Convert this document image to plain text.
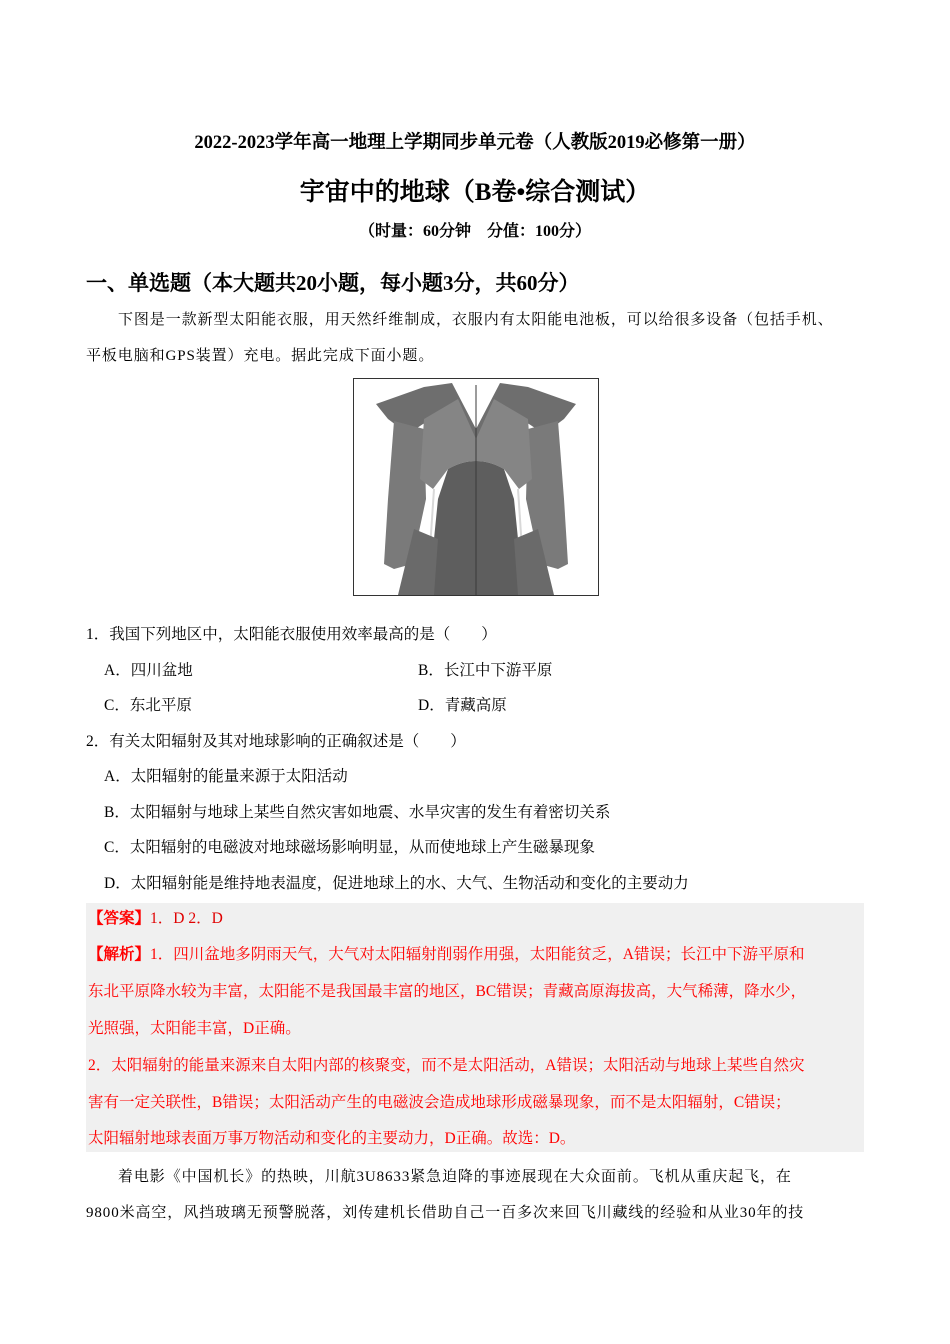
2022-2023学年高一地理上学期同步单元卷（人教版2019必修第一册）
宇宙中的地球（B卷•综合测试）
（时量：60分钟　分值：100分）
一、单选题（本大题共20小题，每小题3分，共60分）
下图是一款新型太阳能衣服，用天然纤维制成，衣服内有太阳能电池板，可以给很多设备（包括手机、
平板电脑和GPS装置）充电。据此完成下面小题。
1．我国下列地区中，太阳能衣服使用效率最高的是（　　）
A．四川盆地	B．长江中下游平原
C．东北平原	D．青藏高原
2．有关太阳辐射及其对地球影响的正确叙述是（　　）
A．太阳辐射的能量来源于太阳活动
B．太阳辐射与地球上某些自然灾害如地震、水旱灾害的发生有着密切关系
C．太阳辐射的电磁波对地球磁场影响明显，从而使地球上产生磁暴现象
D．太阳辐射能是维持地表温度，促进地球上的水、大气、生物活动和变化的主要动力
【答案】1．D 2．D
【解析】1．四川盆地多阴雨天气，大气对太阳辐射削弱作用强，太阳能贫乏，A错误；长江中下游平原和
东北平原降水较为丰富，太阳能不是我国最丰富的地区，BC错误；青藏高原海拔高，大气稀薄，降水少，
光照强，太阳能丰富，D正确。
2．太阳辐射的能量来源来自太阳内部的核聚变，而不是太阳活动，A错误；太阳活动与地球上某些自然灾
害有一定关联性，B错误；太阳活动产生的电磁波会造成地球形成磁暴现象，而不是太阳辐射，C错误；
太阳辐射地球表面万事万物活动和变化的主要动力，D正确。故选：D。
着电影《中国机长》的热映，川航3U8633紧急迫降的事迹展现在大众面前。飞机从重庆起飞，在
9800米高空，风挡玻璃无预警脱落，刘传建机长借助自己一百多次来回飞川藏线的经验和从业30年的技
